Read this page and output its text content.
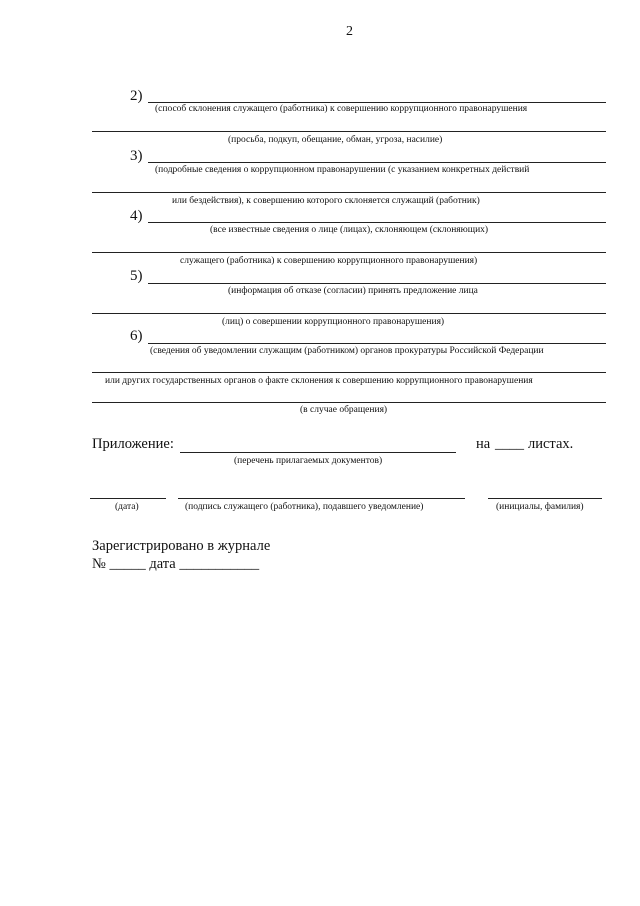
2
2)
(способ склонения служащего (работника) к совершению коррупционного правонарушения
(просьба, подкуп, обещание, обман, угроза, насилие)
3)
(подробные сведения о коррупционном правонарушении (с указанием конкретных действий
или бездействия), к совершению которого склоняется служащий (работник)
4)
(все известные сведения о лице (лицах), склоняющем (склоняющих)
служащего (работника) к совершению коррупционного правонарушения)
5)
(информация об отказе (согласии) принять предложение лица
(лиц) о совершении коррупционного правонарушения)
6)
(сведения об уведомлении служащим (работником) органов прокуратуры Российской Федерации
или других государственных органов о факте склонения к совершению коррупционного правонарушения
(в случае обращения)
Приложение:	на ____ листах.
(перечень прилагаемых документов)
(дата)	(подпись служащего (работника), подавшего уведомление)	(инициалы, фамилия)
Зарегистрировано в журнале
№ _____ дата ___________
